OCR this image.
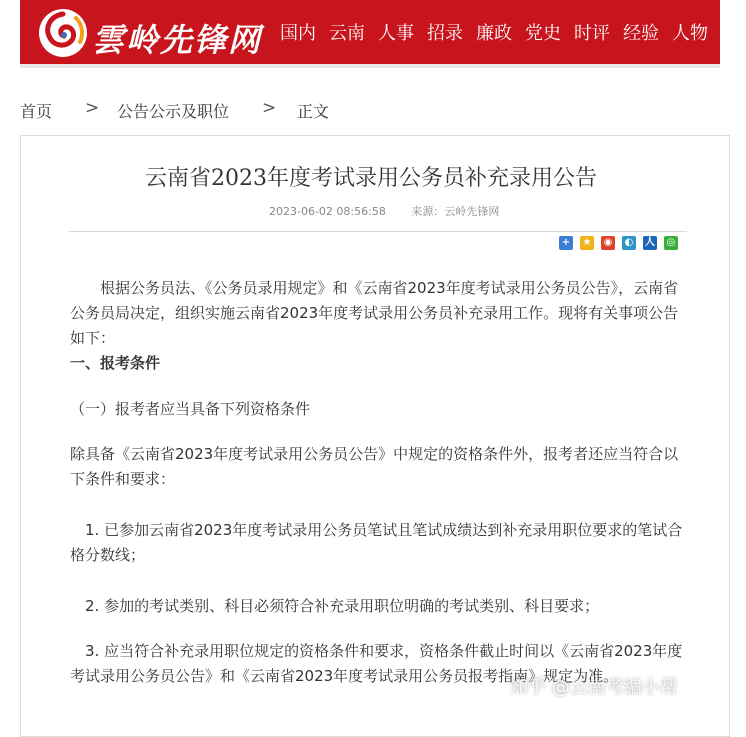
雲岭先锋网 国内 云南 人事 招录 廉政 党史 时评 经验 人物 课
首页 > 公告公示及职位 > 正文
云南省2023年度考试录用公务员补充录用公告
2023-06-02 08:56:58 来源：云岭先锋网
+ ★ ◉ ◐ 人 ◎
根据公务员法、《公务员录用规定》和《云南省2023年度考试录用公务员公告》，云南省公务员局决定，组织实施云南省2023年度考试录用公务员补充录用工作。现将有关事项公告如下：
一、报考条件
（一）报考者应当具备下列资格条件
除具备《云南省2023年度考试录用公务员公告》中规定的资格条件外，报考者还应当符合以下条件和要求：
1. 已参加云南省2023年度考试录用公务员笔试且笔试成绩达到补充录用职位要求的笔试合格分数线；
2. 参加的考试类别、科目必须符合补充录用职位明确的考试类别、科目要求；
3. 应当符合补充录用职位规定的资格条件和要求，资格条件截止时间以《云南省2023年度考试录用公务员公告》和《云南省2023年度考试录用公务员报考指南》规定为准。
知乎 @云南考编小帮
